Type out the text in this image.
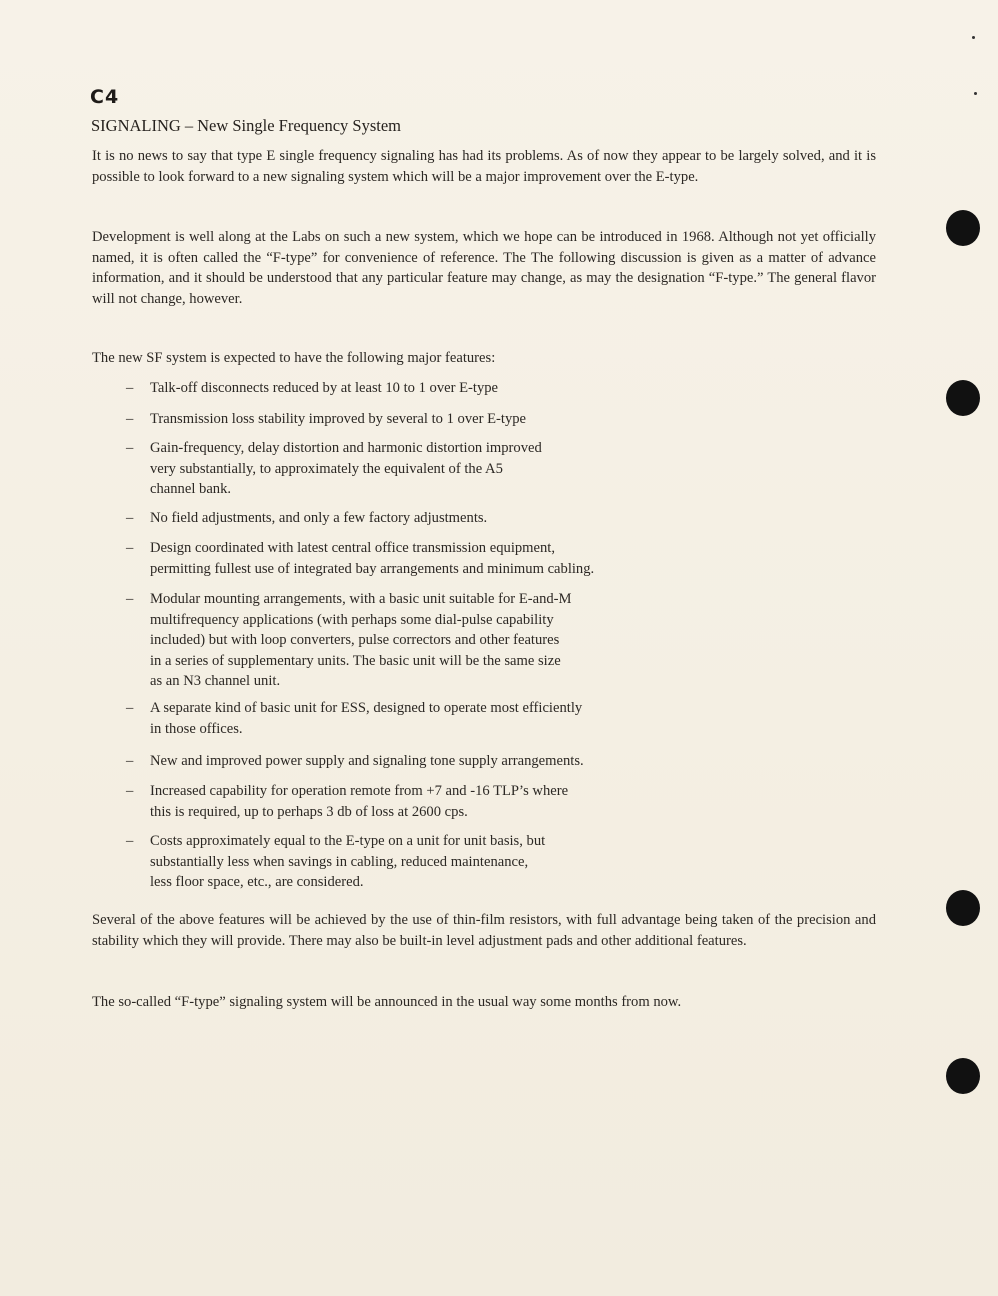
C4
SIGNALING – New Single Frequency System

It is no news to say that type E single frequency signaling has had its problems. As of now they appear to be largely solved, and it is possible to look forward to a new signaling system which will be a major improvement over the E-type.

Development is well along at the Labs on such a new system, which we hope can be introduced in 1968. Although not yet officially named, it is often called the “F-type” for convenience of reference. The The following discussion is given as a matter of advance information, and it should be understood that any particular feature may change, as may the designation “F-type.” The general flavor will not change, however.

The new SF system is expected to have the following major features:

–	Talk-off disconnects reduced by at least 10 to 1 over E-type
–	Transmission loss stability improved by several to 1 over E-type
–	Gain-frequency, delay distortion and harmonic distortion improved
very substantially, to approximately the equivalent of the A5
channel bank.
–	No field adjustments, and only a few factory adjustments.
–	Design coordinated with latest central office transmission equipment,
permitting fullest use of integrated bay arrangements and minimum cabling.
–	Modular mounting arrangements, with a basic unit suitable for E-and-M
multifrequency applications (with perhaps some dial-pulse capability
included) but with loop converters, pulse correctors and other features
in a series of supplementary units. The basic unit will be the same size
as an N3 channel unit.
–	A separate kind of basic unit for ESS, designed to operate most efficiently
in those offices.
–	New and improved power supply and signaling tone supply arrangements.
–	Increased capability for operation remote from +7 and -16 TLP’s where
this is required, up to perhaps 3 db of loss at 2600 cps.
–	Costs approximately equal to the E-type on a unit for unit basis, but
substantially less when savings in cabling, reduced maintenance,
less floor space, etc., are considered.

Several of the above features will be achieved by the use of thin-film resistors, with full advantage being taken of the precision and stability which they will provide. There may also be built-in level adjustment pads and other additional features.

The so-called “F-type” signaling system will be announced in the usual way some months from now.
